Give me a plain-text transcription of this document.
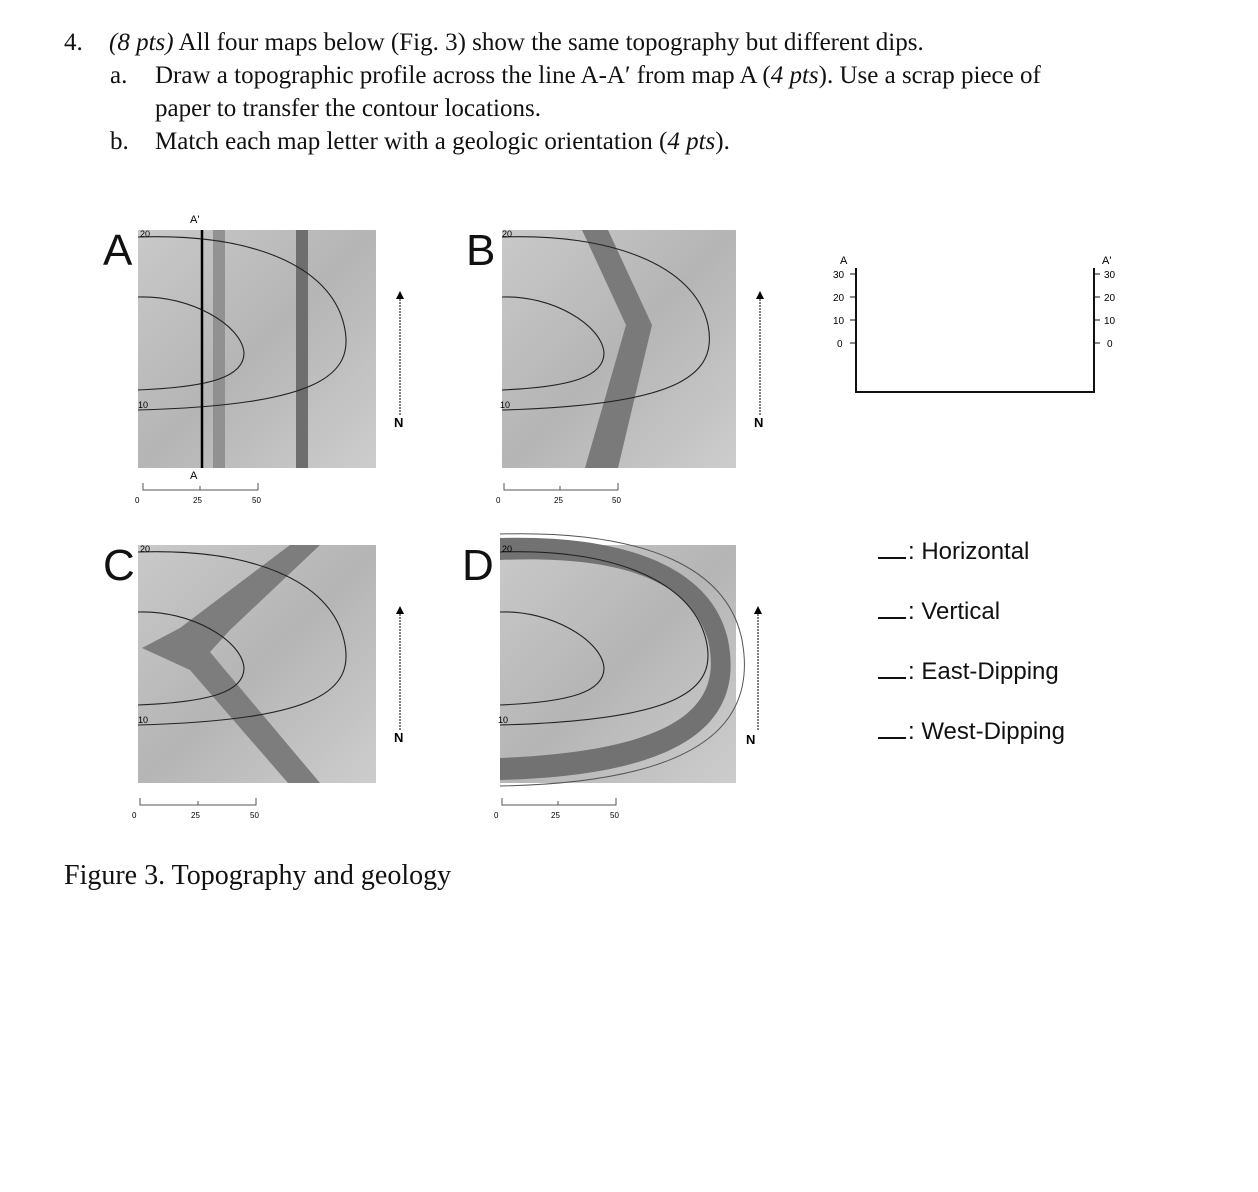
4. (8 pts) All four maps below (Fig. 3) show the same topography but different dips.
a. Draw a topographic profile across the line A-A′ from map A (4 pts). Use a scrap piece of
paper to transfer the contour locations.
b. Match each map letter with a geologic orientation (4 pts).
A	B
C	D
20
10
A'
A
N
0	25	50
20
10
N
0	25	50
20
10
N
0	25	50
20
10
N
0	25	50
A	A'
30
20
10
0
30
20
10
0
Figure 3. Topography and geology
: Horizontal
: Vertical
: East-Dipping
: West-Dipping
